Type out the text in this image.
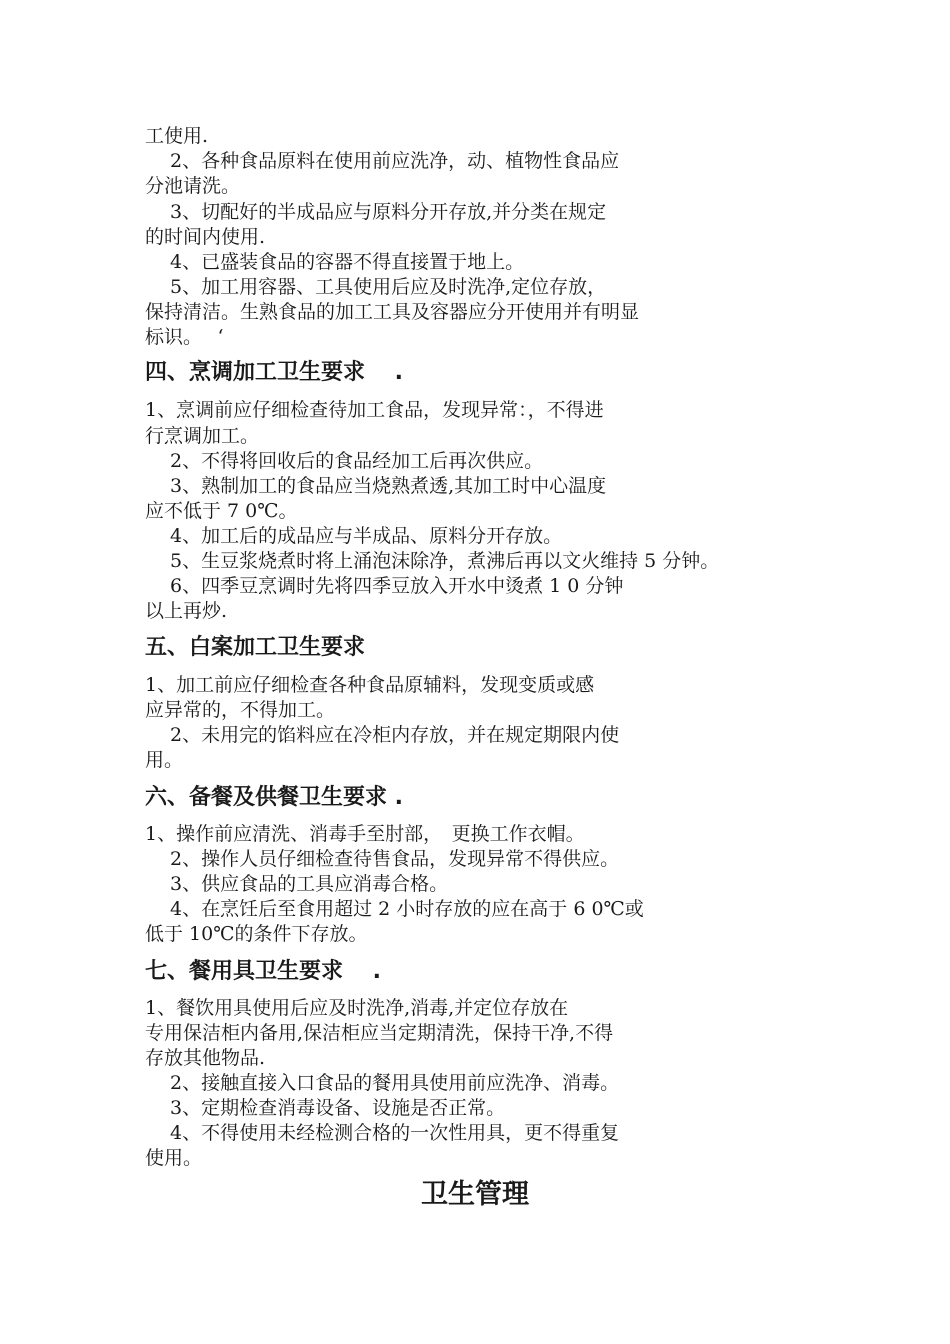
工使用.
　 2、各种食品原料在使用前应洗净，动、植物性食品应
分池请洗。
　 3、切配好的半成品应与原料分开存放,并分类在规定
的时间内使用.
　 4、已盛装食品的容器不得直接置于地上。
　 5、加工用容器、工具使用后应及时洗净,定位存放，
保持清洁。生熟食品的加工工具及容器应分开使用并有明显
标识。　 ‘
四、烹调加工卫生要求　 .
1、烹调前应仔细检查待加工食品，发现异常：，不得进
行烹调加工。
　 2、不得将回收后的食品经加工后再次供应。
　 3、熟制加工的食品应当烧熟煮透,其加工时中心温度
应不低于 7 0℃。
　 4、加工后的成品应与半成品、原料分开存放。
　 5、生豆浆烧煮时将上涌泡沫除净，煮沸后再以文火维持 5 分钟。
　 6、四季豆烹调时先将四季豆放入开水中烫煮 1 0 分钟
以上再炒.
五、白案加工卫生要求
1、加工前应仔细检查各种食品原辅料，发现变质或感
应异常的，不得加工。
　 2、未用完的馅料应在冷柜内存放，并在规定期限内使
用。
六、备餐及供餐卫生要求 .
1、操作前应清洗、消毒手至肘部，　更换工作衣帽。
　 2、操作人员仔细检查待售食品，发现异常不得供应。
　 3、供应食品的工具应消毒合格。
　 4、在烹饪后至食用超过 2 小时存放的应在高于 6 0℃或
低于 10℃的条件下存放。
七、餐用具卫生要求　 .
1、餐饮用具使用后应及时洗净,消毒,并定位存放在
专用保洁柜内备用,保洁柜应当定期清洗，保持干净,不得
存放其他物品.
　 2、接触直接入口食品的餐用具使用前应洗净、消毒。
　 3、定期检查消毒设备、设施是否正常。
　 4、不得使用未经检测合格的一次性用具，更不得重复
使用。
卫生管理
